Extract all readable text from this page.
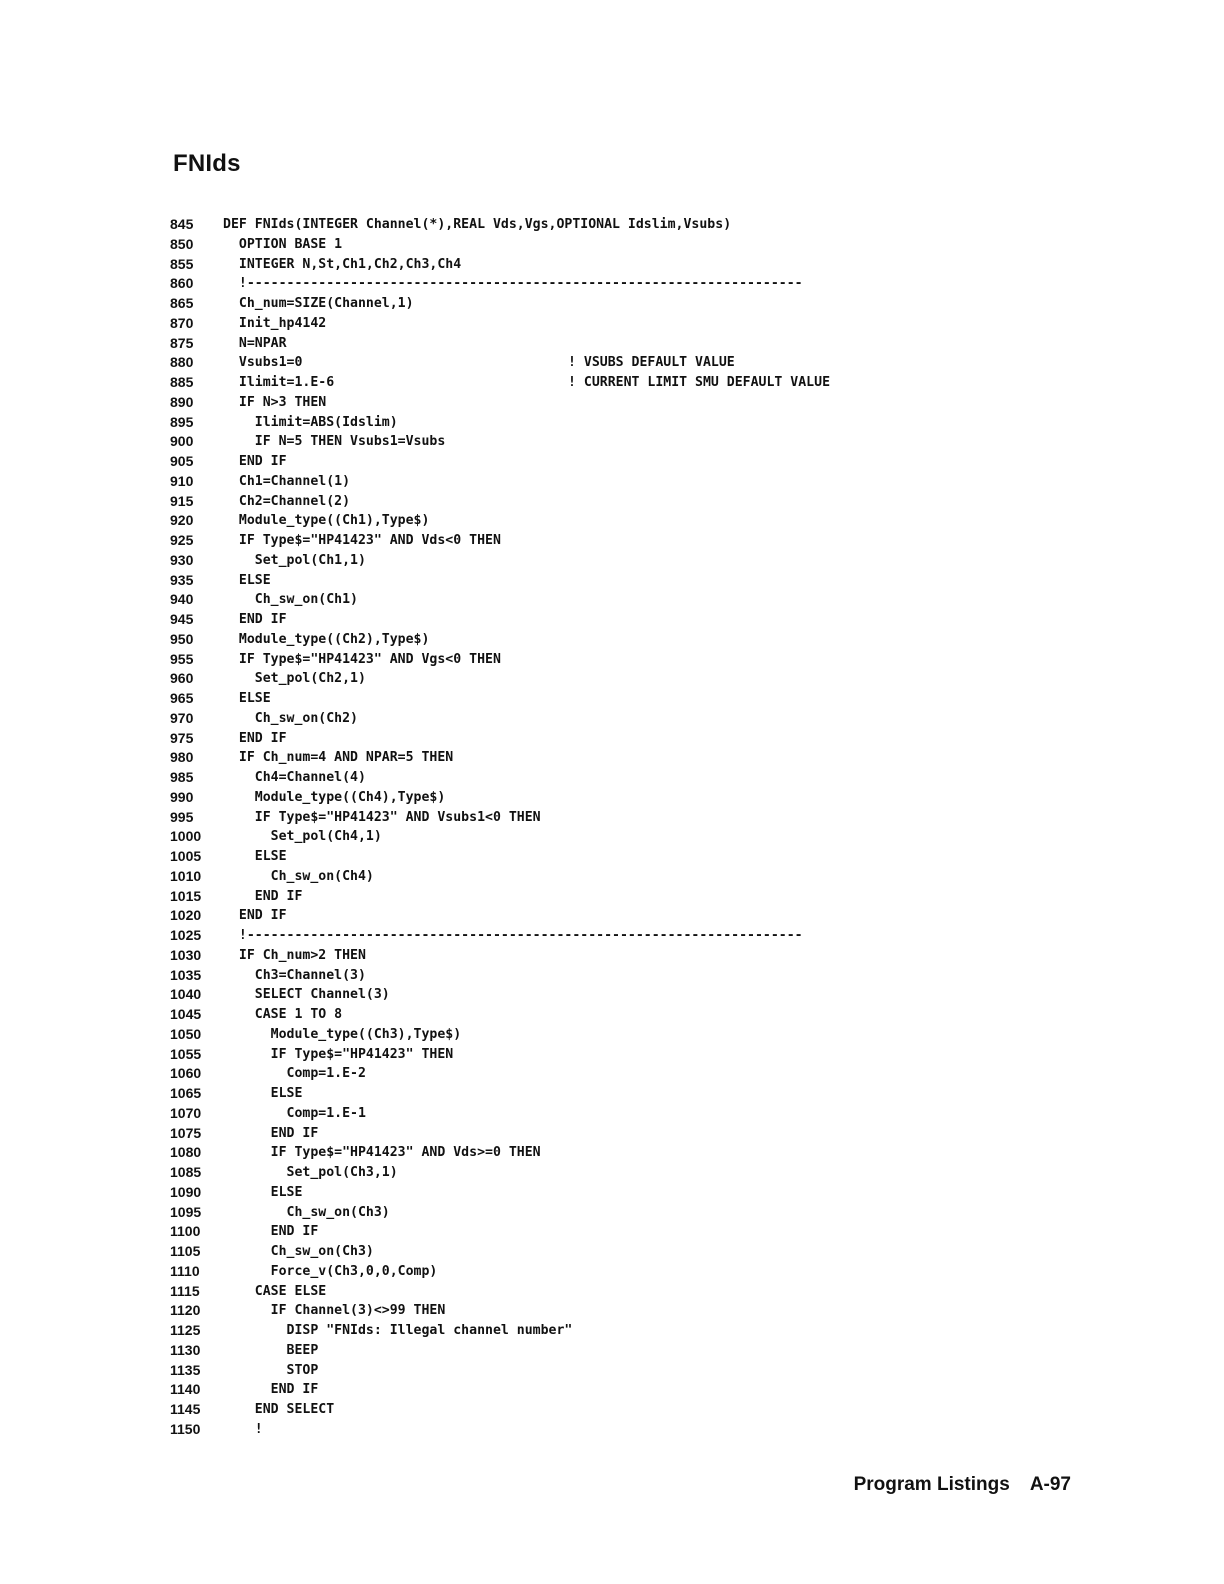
FNIds
845	DEF FNIds(INTEGER Channel(*),REAL Vds,Vgs,OPTIONAL Idslim,Vsubs)
850	OPTION BASE 1
855	INTEGER N,St,Ch1,Ch2,Ch3,Ch4
860	!----------------------------------------------------------------------
865	Ch_num=SIZE(Channel,1)
870	Init_hp4142
875	N=NPAR
880	Vsubs1=0	! VSUBS DEFAULT VALUE
885	Ilimit=1.E-6	! CURRENT LIMIT SMU DEFAULT VALUE
890	IF N>3 THEN
895	Ilimit=ABS(Idslim)
900	IF N=5 THEN Vsubs1=Vsubs
905	END IF
910	Ch1=Channel(1)
915	Ch2=Channel(2)
920	Module_type((Ch1),Type$)
925	IF Type$="HP41423" AND Vds<0 THEN
930	Set_pol(Ch1,1)
935	ELSE
940	Ch_sw_on(Ch1)
945	END IF
950	Module_type((Ch2),Type$)
955	IF Type$="HP41423" AND Vgs<0 THEN
960	Set_pol(Ch2,1)
965	ELSE
970	Ch_sw_on(Ch2)
975	END IF
980	IF Ch_num=4 AND NPAR=5 THEN
985	Ch4=Channel(4)
990	Module_type((Ch4),Type$)
995	IF Type$="HP41423" AND Vsubs1<0 THEN
1000	Set_pol(Ch4,1)
1005	ELSE
1010	Ch_sw_on(Ch4)
1015	END IF
1020	END IF
1025	!----------------------------------------------------------------------
1030	IF Ch_num>2 THEN
1035	Ch3=Channel(3)
1040	SELECT Channel(3)
1045	CASE 1 TO 8
1050	Module_type((Ch3),Type$)
1055	IF Type$="HP41423" THEN
1060	Comp=1.E-2
1065	ELSE
1070	Comp=1.E-1
1075	END IF
1080	IF Type$="HP41423" AND Vds>=0 THEN
1085	Set_pol(Ch3,1)
1090	ELSE
1095	Ch_sw_on(Ch3)
1100	END IF
1105	Ch_sw_on(Ch3)
1110	Force_v(Ch3,0,0,Comp)
1115	CASE ELSE
1120	IF Channel(3)<>99 THEN
1125	DISP "FNIds: Illegal channel number"
1130	BEEP
1135	STOP
1140	END IF
1145	END SELECT
1150	!
Program Listings A-97
